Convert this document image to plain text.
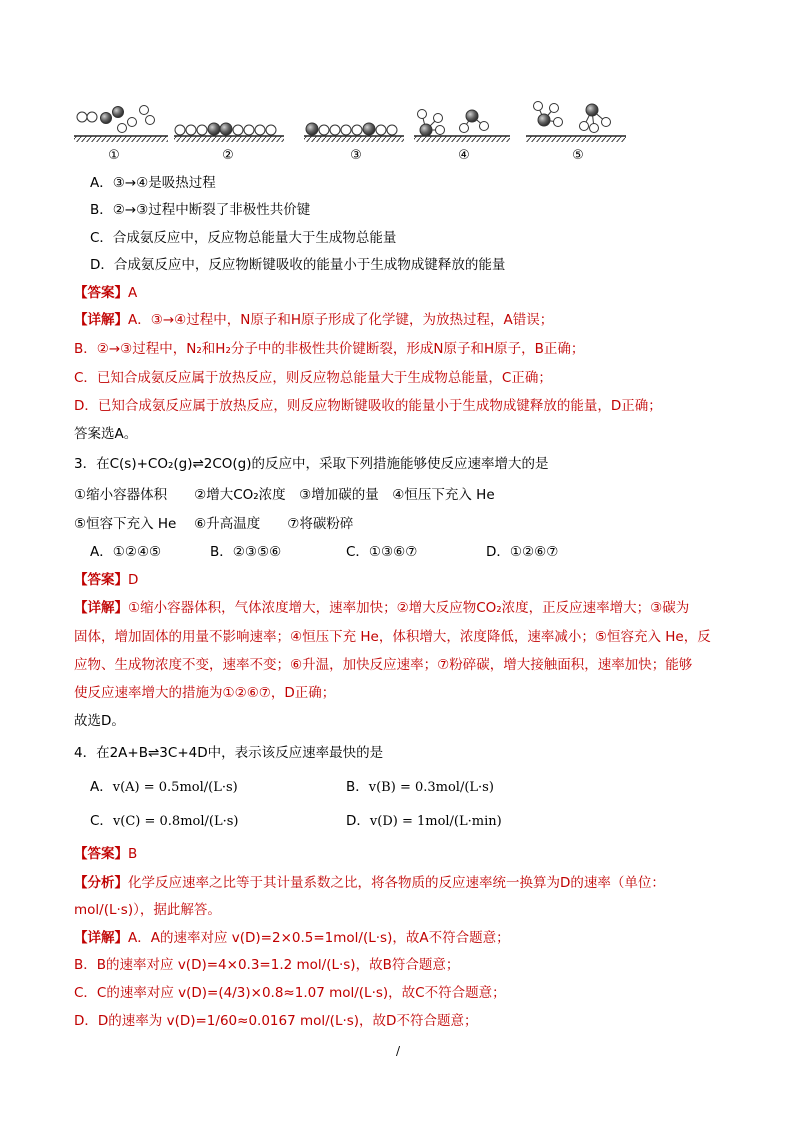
①	②	③	④	⑤
A．③→④是吸热过程
B．②→③过程中断裂了非极性共价键
C．合成氨反应中，反应物总能量大于生成物总能量
D．合成氨反应中，反应物断键吸收的能量小于生成物成键释放的能量
【答案】A
【详解】A．③→④过程中，N原子和H原子形成了化学键，为放热过程，A错误；
B．②→③过程中，N₂和H₂分子中的非极性共价键断裂，形成N原子和H原子，B正确；
C．已知合成氨反应属于放热反应，则反应物总能量大于生成物总能量，C正确；
D．已知合成氨反应属于放热反应，则反应物断键吸收的能量小于生成物成键释放的能量，D正确；
答案选A。
3．在C(s)+CO₂(g)⇌2CO(g)的反应中，采取下列措施能够使反应速率增大的是
①缩小容器体积　　②增大CO₂浓度　③增加碳的量　④恒压下充入 He
⑤恒容下充入 He　 ⑥升高温度　　⑦将碳粉碎
A．①②④⑤	B．②③⑤⑥	C．①③⑥⑦	D．①②⑥⑦
【答案】D
【详解】①缩小容器体积，气体浓度增大，速率加快；②增大反应物CO₂浓度，正反应速率增大；③碳为
固体，增加固体的用量不影响速率；④恒压下充 He，体积增大，浓度降低，速率减小；⑤恒容充入 He，反
应物、生成物浓度不变，速率不变；⑥升温，加快反应速率；⑦粉碎碳，增大接触面积，速率加快；能够
使反应速率增大的措施为①②⑥⑦，D正确；
故选D。
4．在2A+B⇌3C+4D中，表示该反应速率最快的是
A．v(A) = 0.5mol/(L·s)	B．v(B) = 0.3mol/(L·s)
C．v(C) = 0.8mol/(L·s)	D．v(D) = 1mol/(L·min)
【答案】B
【分析】化学反应速率之比等于其计量系数之比，将各物质的反应速率统一换算为D的速率（单位：
mol/(L·s)），据此解答。
【详解】A．A的速率对应 v(D)=2×0.5=1mol/(L·s)，故A不符合题意；
B．B的速率对应 v(D)=4×0.3=1.2 mol/(L·s)，故B符合题意；
C．C的速率对应 v(D)=(4/3)×0.8≈1.07 mol/(L·s)，故C不符合题意；
D．D的速率为 v(D)=1/60≈0.0167 mol/(L·s)，故D不符合题意；
/
